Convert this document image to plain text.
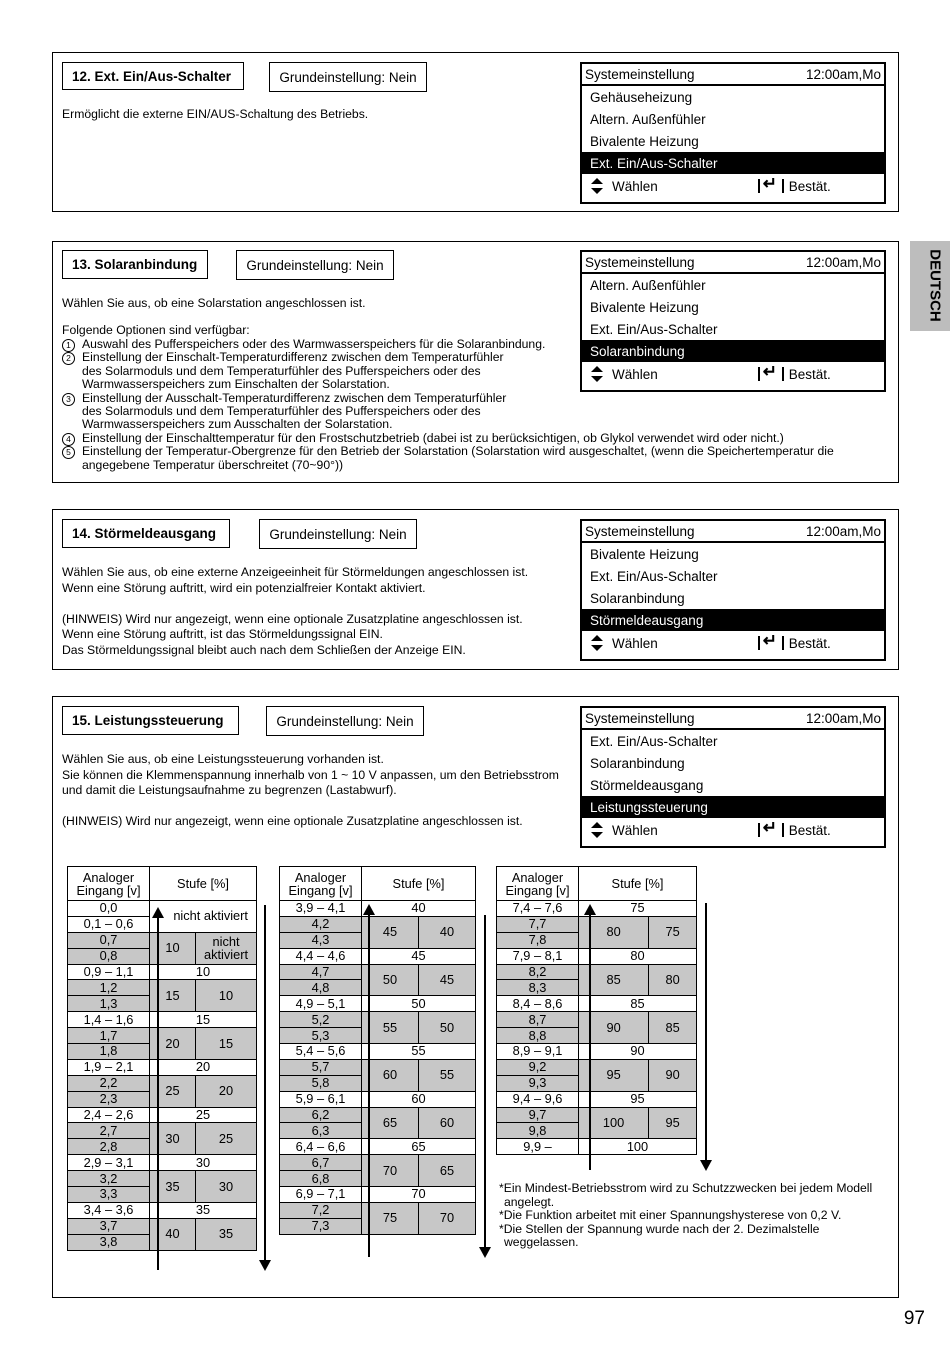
12. Ext. Ein/Aus-Schalter	Grundeinstellung: Nein
Ermöglicht die externe EIN/AUS-Schaltung des Betriebs.
Systemeinstellung	12:00am,Mo
Gehäuseheizung
Altern. Außenfühler
Bivalente Heizung
Ext. Ein/Aus-Schalter
Wählen ↵	Bestät.
13. Solaranbindung	Grundeinstellung: Nein
Wählen Sie aus, ob eine Solarstation angeschlossen ist.
Folgende Optionen sind verfügbar:
1 Auswahl des Pufferspeichers oder des Warmwasserspeichers für die Solaranbindung.
2 Einstellung der Einschalt-Temperaturdifferenz zwischen dem Temperaturfühler
des Solarmoduls und dem Temperaturfühler des Pufferspeichers oder des
Warmwasserspeichers zum Einschalten der Solarstation.
3 Einstellung der Ausschalt-Temperaturdifferenz zwischen dem Temperaturfühler
des Solarmoduls und dem Temperaturfühler des Pufferspeichers oder des
Warmwasserspeichers zum Ausschalten der Solarstation.
4 Einstellung der Einschalttemperatur für den Frostschutzbetrieb (dabei ist zu berücksichtigen, ob Glykol verwendet wird oder nicht.)
5 Einstellung der Temperatur-Obergrenze für den Betrieb der Solarstation (Solarstation wird ausgeschaltet, (wenn die Speichertemperatur die
angegebene Temperatur überschreitet (70~90°))
Systemeinstellung	12:00am,Mo
Altern. Außenfühler
Bivalente Heizung
Ext. Ein/Aus-Schalter
Solaranbindung
Wählen ↵	Bestät.
14. Störmeldeausgang	Grundeinstellung: Nein
Wählen Sie aus, ob eine externe Anzeigeeinheit für Störmeldungen angeschlossen ist.
Wenn eine Störung auftritt, wird ein potenzialfreier Kontakt aktiviert.

(HINWEIS) Wird nur angezeigt, wenn eine optionale Zusatzplatine angeschlossen ist.
Wenn eine Störung auftritt, ist das Störmeldungssignal EIN.
Das Störmeldungssignal bleibt auch nach dem Schließen der Anzeige EIN.
Systemeinstellung	12:00am,Mo
Bivalente Heizung
Ext. Ein/Aus-Schalter
Solaranbindung
Störmeldeausgang
Wählen ↵	Bestät.
15. Leistungssteuerung	Grundeinstellung: Nein
Wählen Sie aus, ob eine Leistungssteuerung vorhanden ist.
Sie können die Klemmenspannung innerhalb von 1 ~ 10 V anpassen, um den Betriebsstrom
und damit die Leistungsaufnahme zu begrenzen (Lastabwurf).

(HINWEIS) Wird nur angezeigt, wenn eine optionale Zusatzplatine angeschlossen ist.
Systemeinstellung	12:00am,Mo
Ext. Ein/Aus-Schalter
Solaranbindung
Störmeldeausgang
Leistungssteuerung
Wählen ↵	Bestät.
Analoger
Eingang [v]	Stufe [%]	
0,0	nicht aktiviert	
0,1 – 0,6		
0,7	10	nicht
aktiviert
0,8		
0,9 – 1,1	10	
1,2	15	10
1,3		
1,4 – 1,6	15	
1,7	20	15
1,8		
1,9 – 2,1	20	
2,2	25	20
2,3		
2,4 – 2,6	25	
2,7	30	25
2,8		
2,9 – 3,1	30	
3,2	35	30
3,3		
3,4 – 3,6	35	
3,7	40	35
3,8		
Analoger
Eingang [v]	Stufe [%]	
3,9 – 4,1	40	
4,2	45	40
4,3		
4,4 – 4,6	45	
4,7	50	45
4,8		
4,9 – 5,1	50	
5,2	55	50
5,3		
5,4 – 5,6	55	
5,7	60	55
5,8		
5,9 – 6,1	60	
6,2	65	60
6,3		
6,4 – 6,6	65	
6,7	70	65
6,8		
6,9 – 7,1	70	
7,2	75	70
7,3		
Analoger
Eingang [v]	Stufe [%]	
7,4 – 7,6	75	
7,7	80	75
7,8		
7,9 – 8,1	80	
8,2	85	80
8,3		
8,4 – 8,6	85	
8,7	90	85
8,8		
8,9 – 9,1	90	
9,2	95	90
9,3		
9,4 – 9,6	95	
9,7	100	95
9,8		
9,9 –	100	
*Ein Mindest-Betriebsstrom wird zu Schutzzwecken bei jedem Modell angelegt.
*Die Funktion arbeitet mit einer Spannungshysterese von 0,2 V.
*Die Stellen der Spannung wurde nach der 2. Dezimalstelle weggelassen.
DEUTSCH
97
